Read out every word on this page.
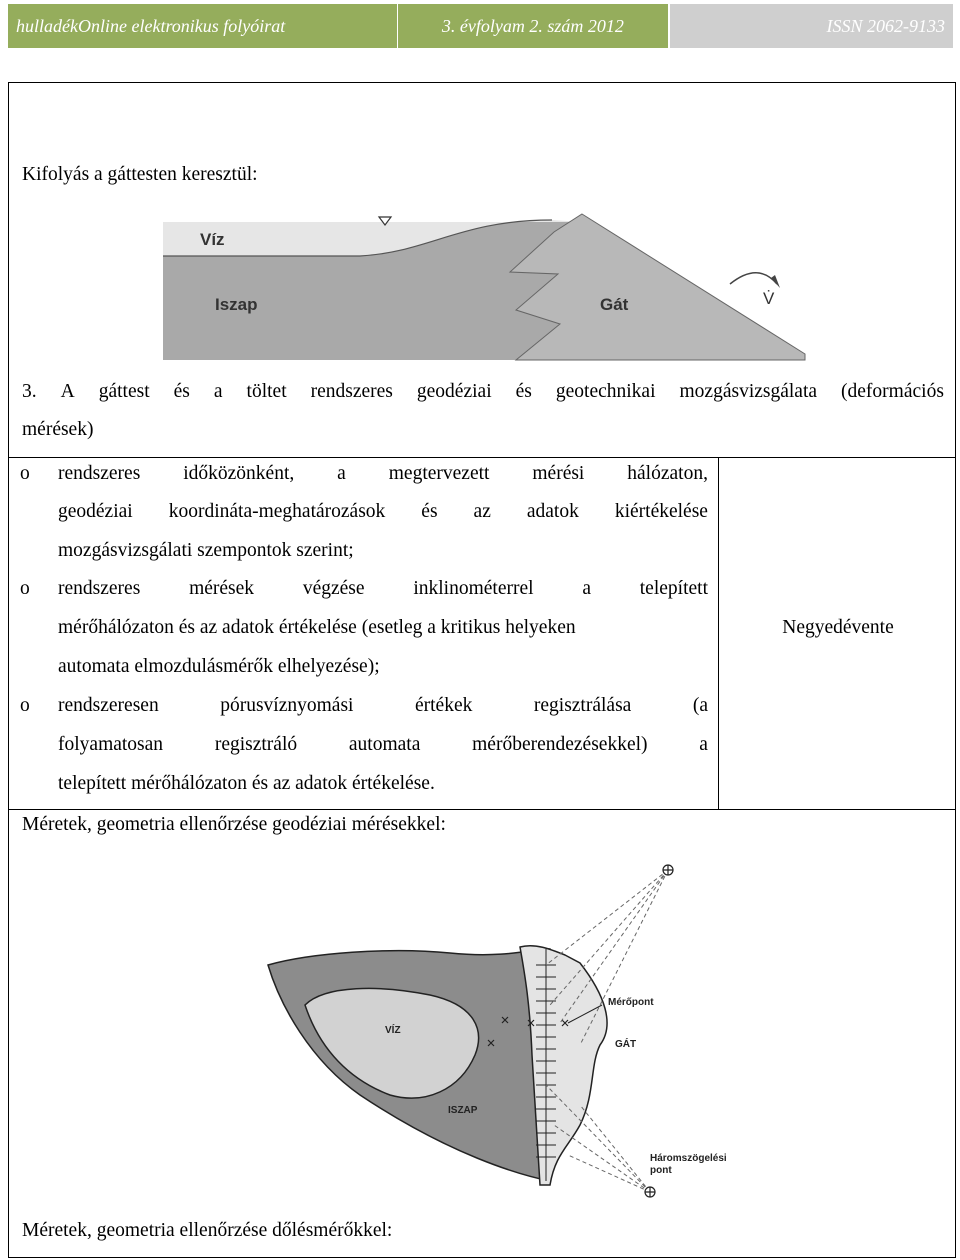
hulladékOnline elektronikus folyóirat	3. évfolyam 2. szám 2012	ISSN 2062-9133
Kifolyás a gáttesten keresztül:
Víz
Iszap	Gát	V̇
3. A gáttest és a töltet rendszeres geodéziai és geotechnikai mozgásvizsgálata (deformációs
mérések)
o rendszeres időközönként, a megtervezett mérési hálózaton,
geodéziai koordináta-meghatározások és az adatok kiértékelése
mozgásvizsgálati szempontok szerint;
o rendszeres	mérések	végzése	inklinométerrel	a	telepített
mérőhálózaton és az adatok értékelése (esetleg a kritikus helyeken
automata elmozdulásmérők elhelyezése);
o rendszeresen	pórusvíznyomási	értékek	regisztrálása	(a
folyamatosan	regisztráló	automata	mérőberendezésekkel)	a
telepített mérőhálózaton és az adatok értékelése.
Negyedévente
Méretek, geometria ellenőrzése geodéziai mérésekkel:
VÍZ
ISZAP
GÁT
Mérőpont
Háromszögelési
pont
Méretek, geometria ellenőrzése dőlésmérőkkel:
